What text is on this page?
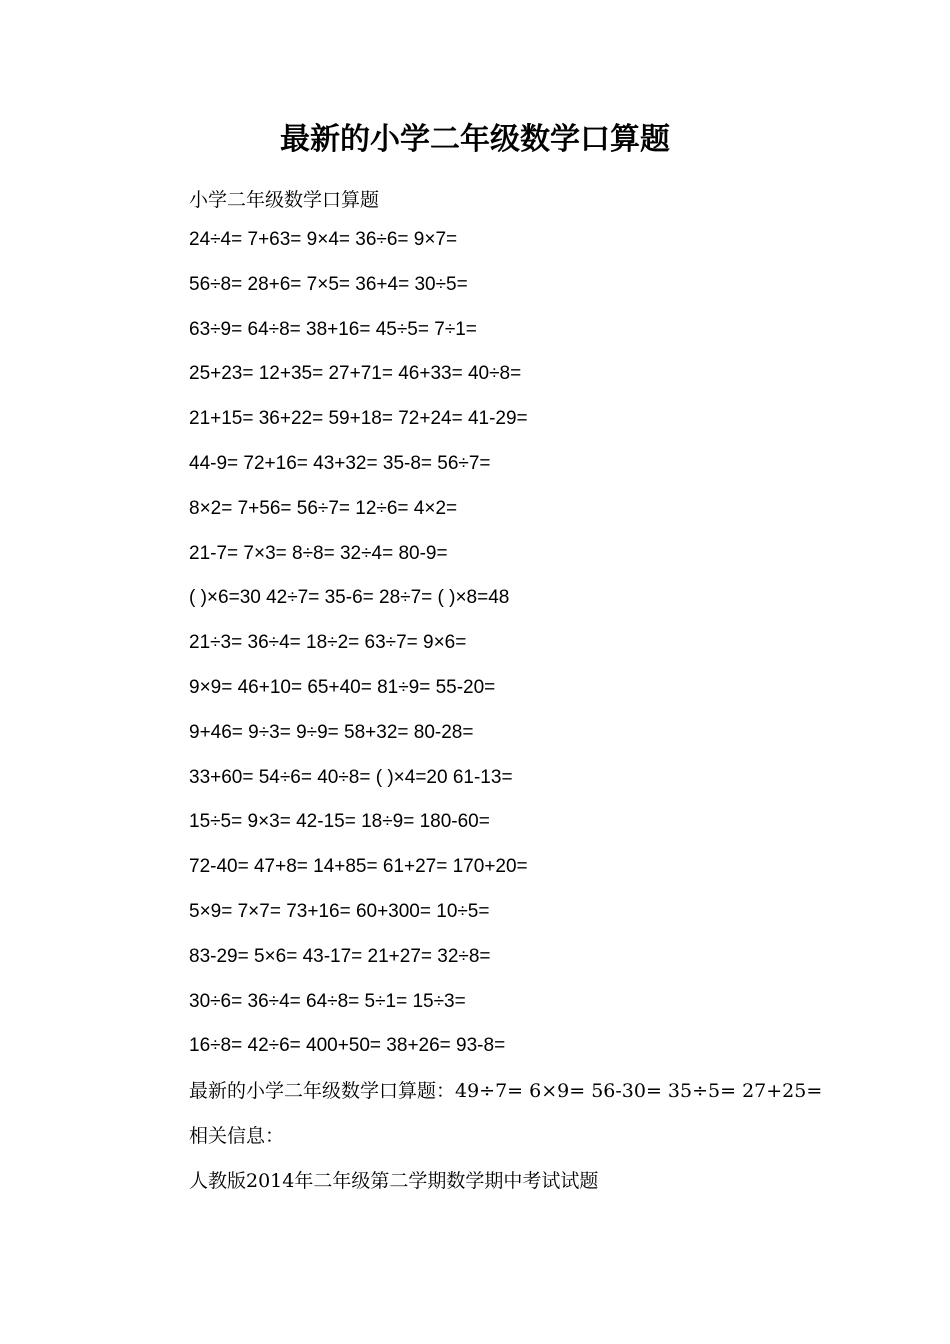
最新的小学二年级数学口算题
小学二年级数学口算题
24÷4= 7+63= 9×4= 36÷6= 9×7=
56÷8= 28+6= 7×5= 36+4= 30÷5=
63÷9= 64÷8= 38+16= 45÷5= 7÷1=
25+23= 12+35= 27+71= 46+33= 40÷8=
21+15= 36+22= 59+18= 72+24= 41-29=
44-9= 72+16= 43+32= 35-8= 56÷7=
8×2= 7+56= 56÷7= 12÷6= 4×2=
21-7= 7×3= 8÷8= 32÷4= 80-9=
( )×6=30 42÷7= 35-6= 28÷7= ( )×8=48
21÷3= 36÷4= 18÷2= 63÷7= 9×6=
9×9= 46+10= 65+40= 81÷9= 55-20=
9+46= 9÷3= 9÷9= 58+32= 80-28=
33+60= 54÷6= 40÷8= ( )×4=20 61-13=
15÷5= 9×3= 42-15= 18÷9= 180-60=
72-40= 47+8= 14+85= 61+27= 170+20=
5×9= 7×7= 73+16= 60+300= 10÷5=
83-29= 5×6= 43-17= 21+27= 32÷8=
30÷6= 36÷4= 64÷8= 5÷1= 15÷3=
16÷8= 42÷6= 400+50= 38+26= 93-8=
最新的小学二年级数学口算题：49÷7= 6×9= 56-30= 35÷5= 27+25=
相关信息：
人教版2014年二年级第二学期数学期中考试试题
